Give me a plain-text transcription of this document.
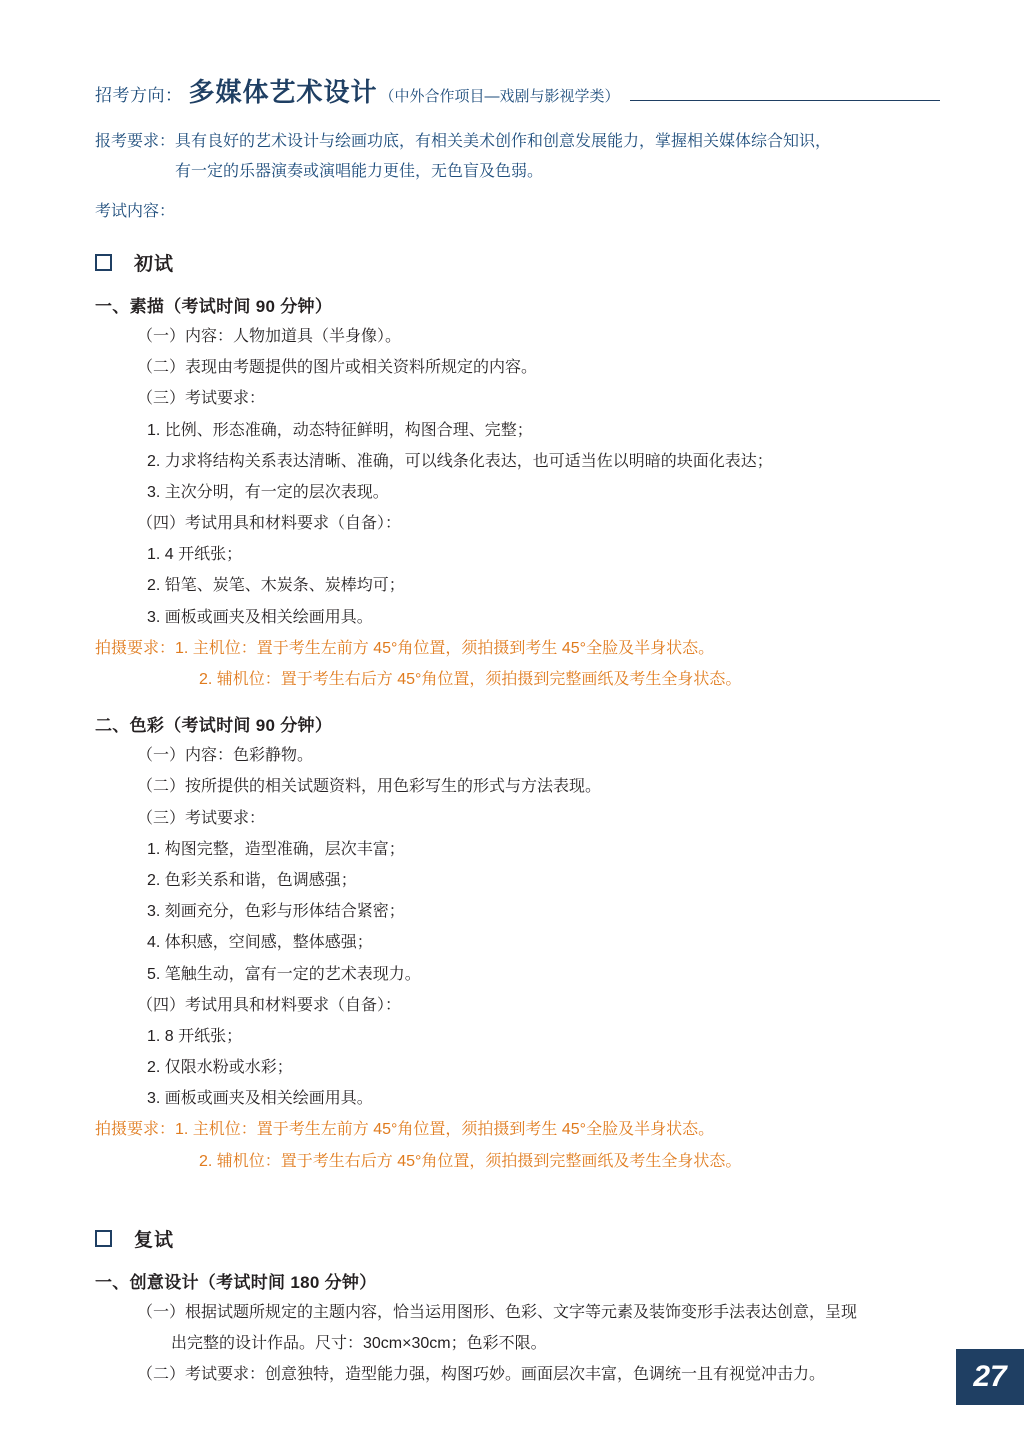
招考方向： 多媒体艺术设计 （中外合作项目—戏剧与影视学类）
报考要求： 具有良好的艺术设计与绘画功底，有相关美术创作和创意发展能力，掌握相关媒体综合知识，
有一定的乐器演奏或演唱能力更佳，无色盲及色弱。
考试内容：
初试
一、素描（考试时间 90 分钟）
（一）内容：人物加道具（半身像）。
（二）表现由考题提供的图片或相关资料所规定的内容。
（三）考试要求：
1. 比例、形态准确，动态特征鲜明，构图合理、完整；
2. 力求将结构关系表达清晰、准确，可以线条化表达，也可适当佐以明暗的块面化表达；
3. 主次分明，有一定的层次表现。
（四）考试用具和材料要求（自备）：
1. 4 开纸张；
2. 铅笔、炭笔、木炭条、炭棒均可；
3. 画板或画夹及相关绘画用具。
拍摄要求：1. 主机位：置于考生左前方 45°角位置，须拍摄到考生 45°全脸及半身状态。
2. 辅机位：置于考生右后方 45°角位置，须拍摄到完整画纸及考生全身状态。
二、色彩（考试时间 90 分钟）
（一）内容：色彩静物。
（二）按所提供的相关试题资料，用色彩写生的形式与方法表现。
（三）考试要求：
1. 构图完整，造型准确，层次丰富；
2. 色彩关系和谐，色调感强；
3. 刻画充分，色彩与形体结合紧密；
4. 体积感，空间感，整体感强；
5. 笔触生动，富有一定的艺术表现力。
（四）考试用具和材料要求（自备）：
1. 8 开纸张；
2. 仅限水粉或水彩；
3. 画板或画夹及相关绘画用具。
拍摄要求：1. 主机位：置于考生左前方 45°角位置，须拍摄到考生 45°全脸及半身状态。
2. 辅机位：置于考生右后方 45°角位置，须拍摄到完整画纸及考生全身状态。
复试
一、创意设计（考试时间 180 分钟）
（一）根据试题所规定的主题内容，恰当运用图形、色彩、文字等元素及装饰变形手法表达创意，呈现
出完整的设计作品。尺寸：30cm×30cm；色彩不限。
（二）考试要求：创意独特，造型能力强，构图巧妙。画面层次丰富，色调统一且有视觉冲击力。	27
